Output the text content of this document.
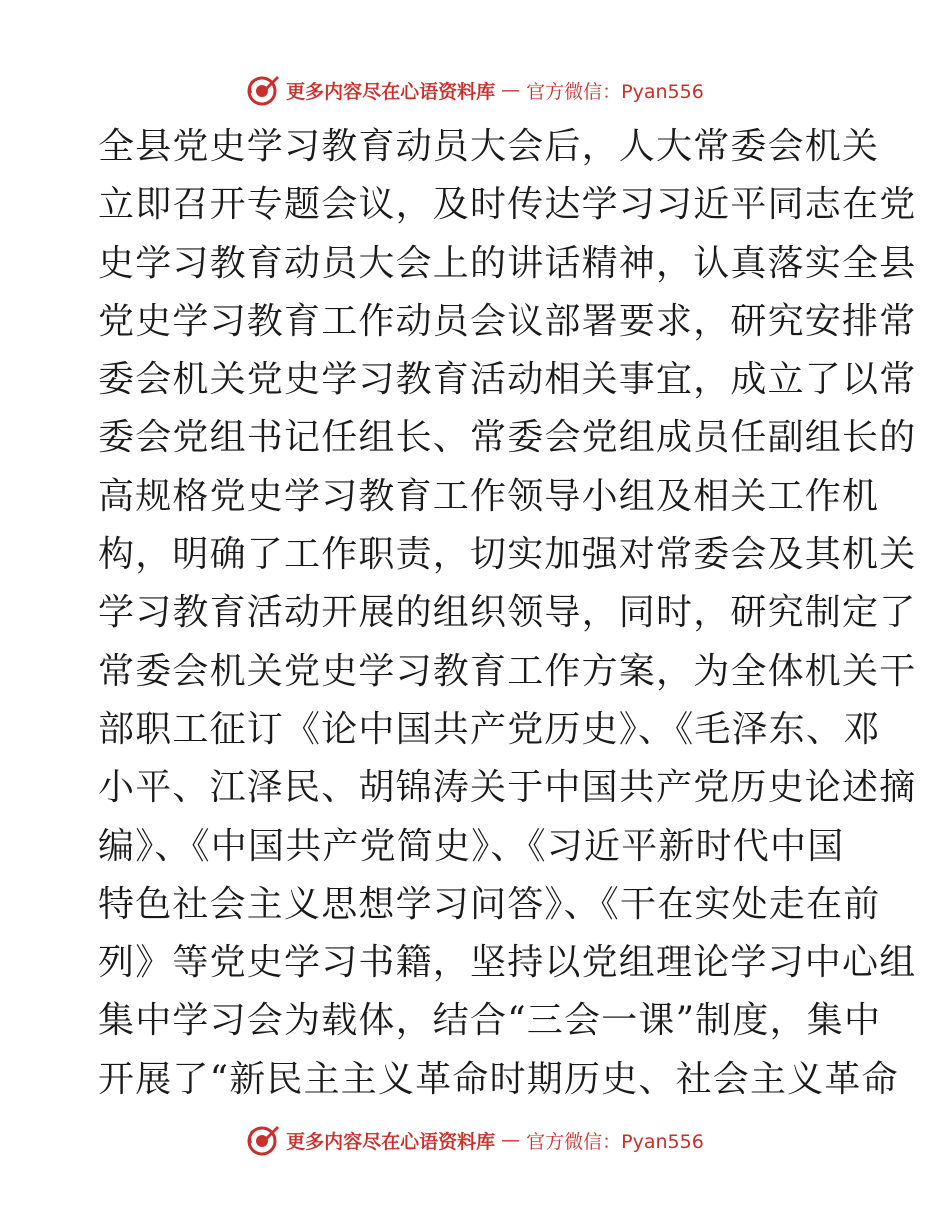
更多内容尽在心语资料库 — 官方微信：Pyan556
全县党史学习教育动员大会后，人大常委会机关
立即召开专题会议，及时传达学习习近平同志在党
史学习教育动员大会上的讲话精神，认真落实全县
党史学习教育工作动员会议部署要求，研究安排常
委会机关党史学习教育活动相关事宜，成立了以常
委会党组书记任组长、常委会党组成员任副组长的
高规格党史学习教育工作领导小组及相关工作机
构，明确了工作职责，切实加强对常委会及其机关
学习教育活动开展的组织领导，同时，研究制定了
常委会机关党史学习教育工作方案，为全体机关干
部职工征订《论中国共产党历史》、《毛泽东、邓
小平、江泽民、胡锦涛关于中国共产党历史论述摘
编》、《中国共产党简史》、《习近平新时代中国
特色社会主义思想学习问答》、《干在实处走在前
列》等党史学习书籍，坚持以党组理论学习中心组
集中学习会为载体，结合“三会一课”制度，集中
开展了“新民主主义革命时期历史、社会主义革命
更多内容尽在心语资料库 — 官方微信：Pyan556
